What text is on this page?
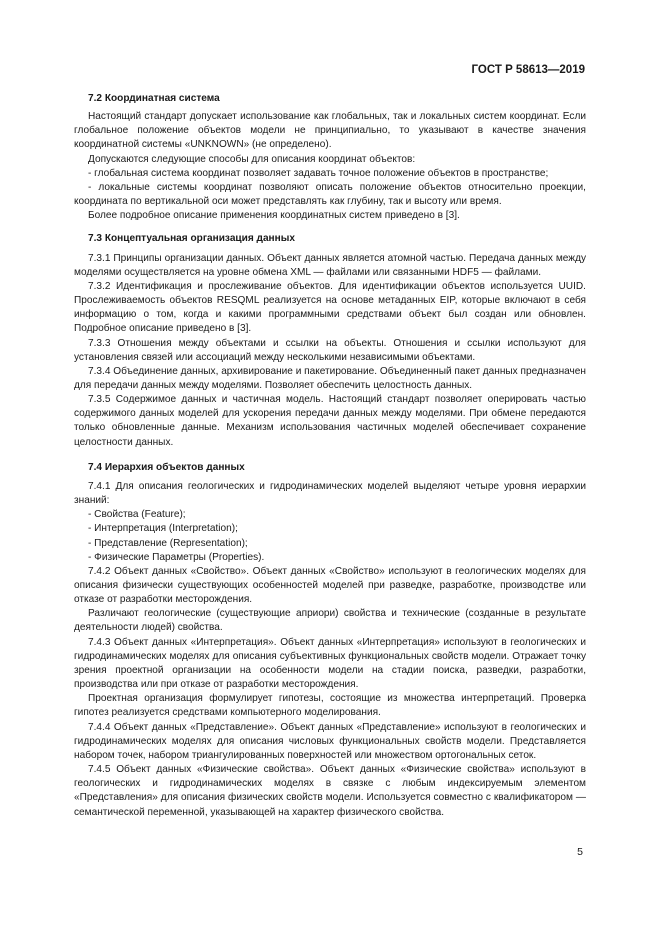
ГОСТ Р 58613—2019
7.2 Координатная система

Настоящий стандарт допускает использование как глобальных, так и локальных систем координат. Если глобальное положение объектов модели не принципиально, то указывают в качестве значения координатной системы «UNKNOWN» (не определено).

Допускаются следующие способы для описания координат объектов:

- глобальная система координат позволяет задавать точное положение объектов в пространстве;

- локальные системы координат позволяют описать положение объектов относительно проекции, координата по вертикальной оси может представлять как глубину, так и высоту или время.

Более подробное описание применения координатных систем приведено в [3].

7.3 Концептуальная организация данных

7.3.1 Принципы организации данных. Объект данных является атомной частью. Передача данных между моделями осуществляется на уровне обмена XML — файлами или связанными HDF5 — файлами.

7.3.2 Идентификация и прослеживание объектов. Для идентификации объектов используется UUID. Прослеживаемость объектов RESQML реализуется на основе метаданных EIP, которые включают в себя информацию о том, когда и какими программными средствами объект был создан или обновлен. Подробное описание приведено в [3].

7.3.3 Отношения между объектами и ссылки на объекты. Отношения и ссылки используют для установления связей или ассоциаций между несколькими независимыми объектами.

7.3.4 Объединение данных, архивирование и пакетирование. Объединенный пакет данных предназначен для передачи данных между моделями. Позволяет обеспечить целостность данных.

7.3.5 Содержимое данных и частичная модель. Настоящий стандарт позволяет оперировать частью содержимого данных моделей для ускорения передачи данных между моделями. При обмене передаются только обновленные данные. Механизм использования частичных моделей обеспечивает сохранение целостности данных.

7.4 Иерархия объектов данных

7.4.1 Для описания геологических и гидродинамических моделей выделяют четыре уровня иерархии знаний:

- Свойства (Feature);

- Интерпретация (Interpretation);

- Представление (Representation);

- Физические Параметры (Properties).

7.4.2 Объект данных «Свойство». Объект данных «Свойство» используют в геологических моделях для описания физически существующих особенностей моделей при разведке, разработке, производстве или отказе от разработки месторождения.

Различают геологические (существующие априори) свойства и технические (созданные в результате деятельности людей) свойства.

7.4.3 Объект данных «Интерпретация». Объект данных «Интерпретация» используют в геологических и гидродинамических моделях для описания субъективных функциональных свойств модели. Отражает точку зрения проектной организации на особенности модели на стадии поиска, разведки, разработки, производства или при отказе от разработки месторождения.

Проектная организация формулирует гипотезы, состоящие из множества интерпретаций. Проверка гипотез реализуется средствами компьютерного моделирования.

7.4.4 Объект данных «Представление». Объект данных «Представление» используют в геологических и гидродинамических моделях для описания числовых функциональных свойств модели. Представляется набором точек, набором триангулированных поверхностей или множеством ортогональных сеток.

7.4.5 Объект данных «Физические свойства». Объект данных «Физические свойства» используют в геологических и гидродинамических моделях в связке с любым индексируемым элементом «Представления» для описания физических свойств модели. Используется совместно с квалификатором — семантической переменной, указывающей на характер физического свойства.

5
